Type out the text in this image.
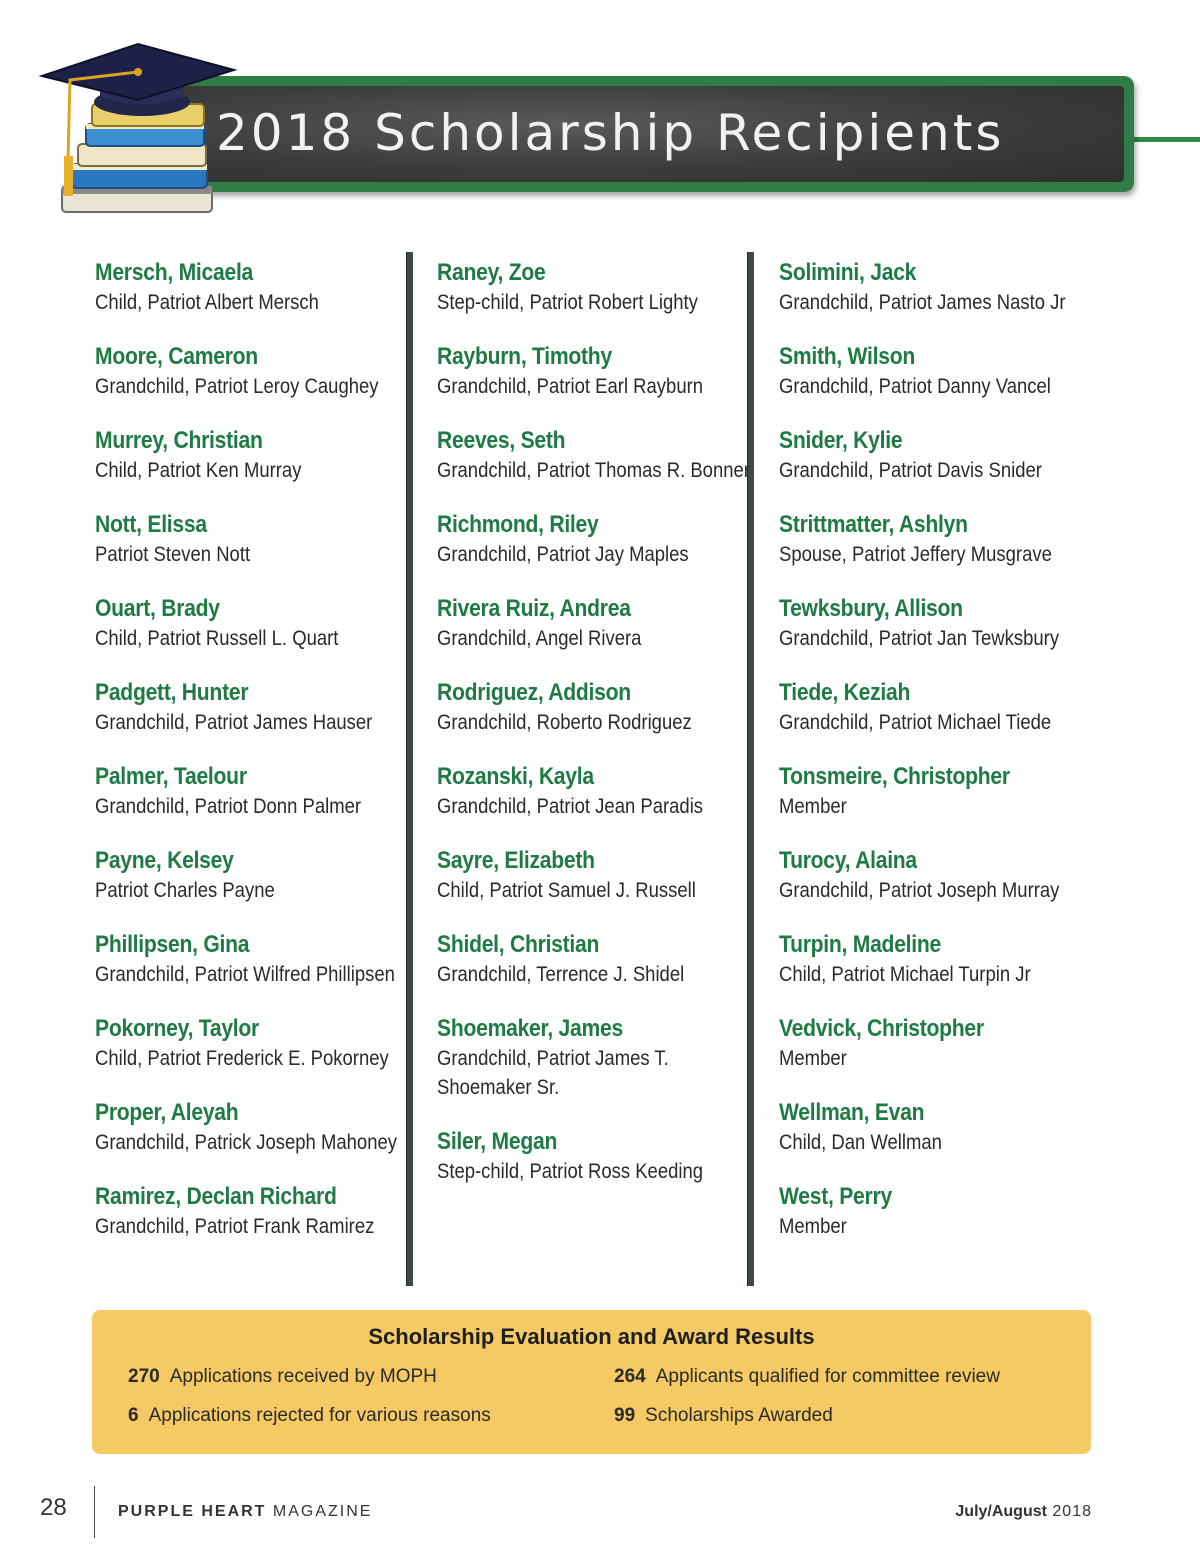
2018 Scholarship Recipients
Mersch, Micaela
Child, Patriot Albert Mersch
Moore, Cameron
Grandchild, Patriot Leroy Caughey
Murrey, Christian
Child, Patriot Ken Murray
Nott, Elissa
Patriot Steven Nott
Ouart, Brady
Child, Patriot Russell L. Quart
Padgett, Hunter
Grandchild, Patriot James Hauser
Palmer, Taelour
Grandchild, Patriot Donn Palmer
Payne, Kelsey
Patriot Charles Payne
Phillipsen, Gina
Grandchild, Patriot Wilfred Phillipsen
Pokorney, Taylor
Child, Patriot Frederick E. Pokorney
Proper, Aleyah
Grandchild, Patrick Joseph Mahoney
Ramirez, Declan Richard
Grandchild, Patriot Frank Ramirez
Raney, Zoe
Step-child, Patriot Robert Lighty
Rayburn, Timothy
Grandchild, Patriot Earl Rayburn
Reeves, Seth
Grandchild, Patriot Thomas R. Bonner
Richmond, Riley
Grandchild, Patriot Jay Maples
Rivera Ruiz, Andrea
Grandchild, Angel Rivera
Rodriguez, Addison
Grandchild, Roberto Rodriguez
Rozanski, Kayla
Grandchild, Patriot Jean Paradis
Sayre, Elizabeth
Child, Patriot Samuel J. Russell
Shidel, Christian
Grandchild, Terrence J. Shidel
Shoemaker, James
Grandchild, Patriot James T.
Shoemaker Sr.
Siler, Megan
Step-child, Patriot Ross Keeding
Solimini, Jack
Grandchild, Patriot James Nasto Jr
Smith, Wilson
Grandchild, Patriot Danny Vancel
Snider, Kylie
Grandchild, Patriot Davis Snider
Strittmatter, Ashlyn
Spouse, Patriot Jeffery Musgrave
Tewksbury, Allison
Grandchild, Patriot Jan Tewksbury
Tiede, Keziah
Grandchild, Patriot Michael Tiede
Tonsmeire, Christopher
Member
Turocy, Alaina
Grandchild, Patriot Joseph Murray
Turpin, Madeline
Child, Patriot Michael Turpin Jr
Vedvick, Christopher
Member
Wellman, Evan
Child, Dan Wellman
West, Perry
Member
Scholarship Evaluation and Award Results
270 Applications received by MOPH	264 Applicants qualified for committee review
6 Applications rejected for various reasons	99 Scholarships Awarded
28	PURPLE HEART MAGAZINE	July/August 2018
